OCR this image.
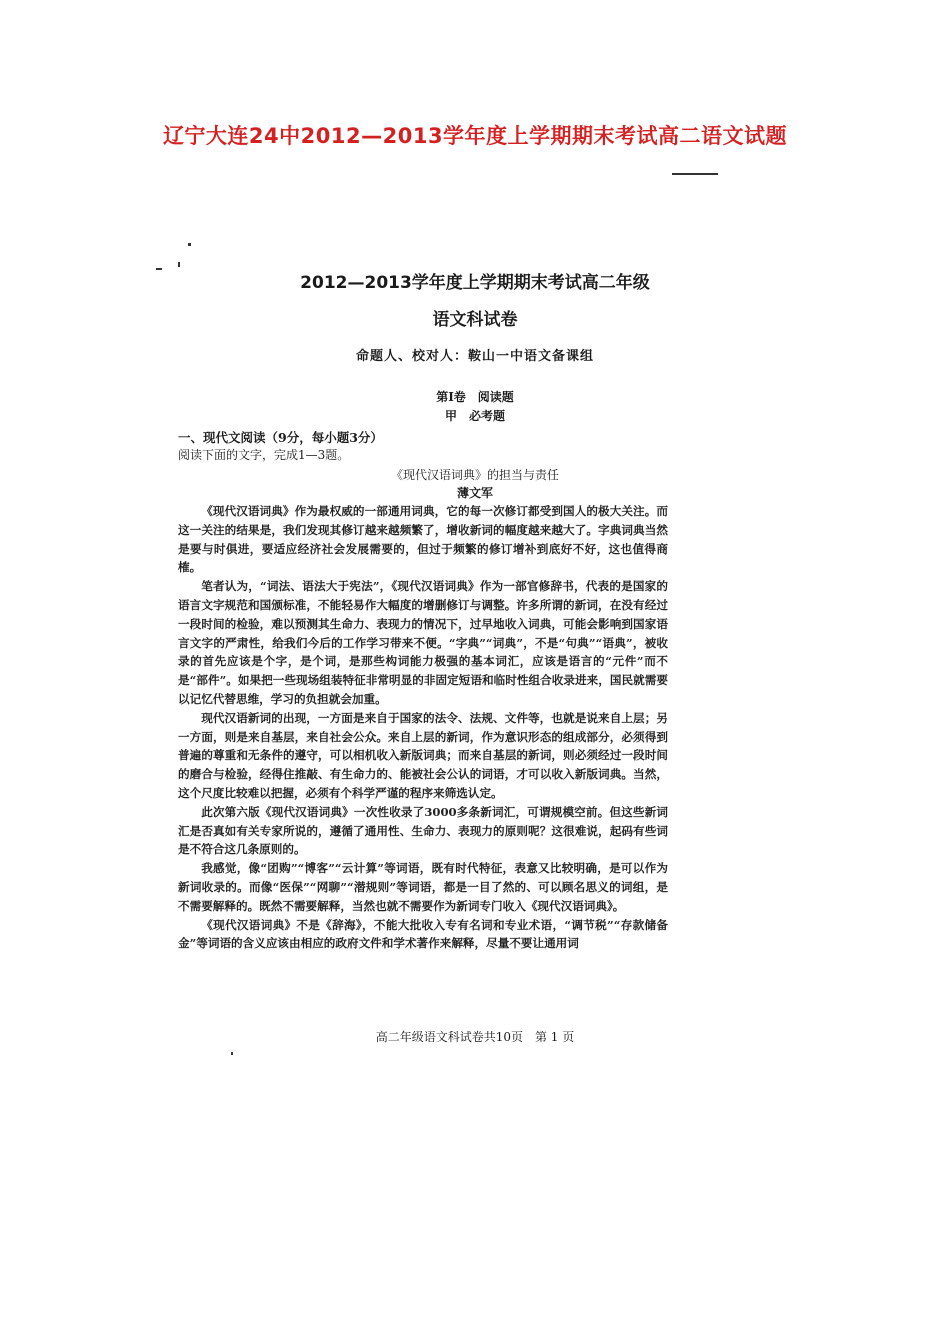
辽宁大连24中2012—2013学年度上学期期末考试高二语文试题
2012—2013学年度上学期期末考试高二年级
语文科试卷
命题人、校对人：鞍山一中语文备课组
第Ⅰ卷　阅读题
甲　必考题
一、现代文阅读（9分，每小题3分）
阅读下面的文字，完成1—3题。
《现代汉语词典》的担当与责任
薄文军

《现代汉语词典》作为最权威的一部通用词典，它的每一次修订都受到国人的极大关注。而这一关注的结果是，我们发现其修订越来越频繁了，增收新词的幅度越来越大了。字典词典当然是要与时俱进，要适应经济社会发展需要的，但过于频繁的修订增补到底好不好，这也值得商榷。

笔者认为，“词法、语法大于宪法”，《现代汉语词典》作为一部官修辞书，代表的是国家的语言文字规范和国颁标准，不能轻易作大幅度的增删修订与调整。许多所谓的新词，在没有经过一段时间的检验，难以预测其生命力、表现力的情况下，过早地收入词典，可能会影响到国家语言文字的严肃性，给我们今后的工作学习带来不便。“字典”“词典”，不是“句典”“语典”，被收录的首先应该是个字，是个词，是那些构词能力极强的基本词汇，应该是语言的“元件”而不是“部件”。如果把一些现场组装特征非常明显的非固定短语和临时性组合收录进来，国民就需要以记忆代替思维，学习的负担就会加重。

现代汉语新词的出现，一方面是来自于国家的法令、法规、文件等，也就是说来自上层；另一方面，则是来自基层，来自社会公众。来自上层的新词，作为意识形态的组成部分，必须得到普遍的尊重和无条件的遵守，可以相机收入新版词典；而来自基层的新词，则必须经过一段时间的磨合与检验，经得住推敲、有生命力的、能被社会公认的词语，才可以收入新版词典。当然，这个尺度比较难以把握，必须有个科学严谨的程序来筛选认定。

此次第六版《现代汉语词典》一次性收录了3000多条新词汇，可谓规模空前。但这些新词汇是否真如有关专家所说的，遵循了通用性、生命力、表现力的原则呢？这很难说，起码有些词是不符合这几条原则的。

我感觉，像“团购”“博客”“云计算”等词语，既有时代特征，表意又比较明确，是可以作为新词收录的。而像“医保”“网聊”“潜规则”等词语，都是一目了然的、可以顾名思义的词组，是不需要解释的。既然不需要解释，当然也就不需要作为新词专门收入《现代汉语词典》。

《现代汉语词典》不是《辞海》，不能大批收入专有名词和专业术语，“调节税”“存款储备金”等词语的含义应该由相应的政府文件和学术著作来解释，尽量不要让通用词

高二年级语文科试卷共10页　第 1 页
